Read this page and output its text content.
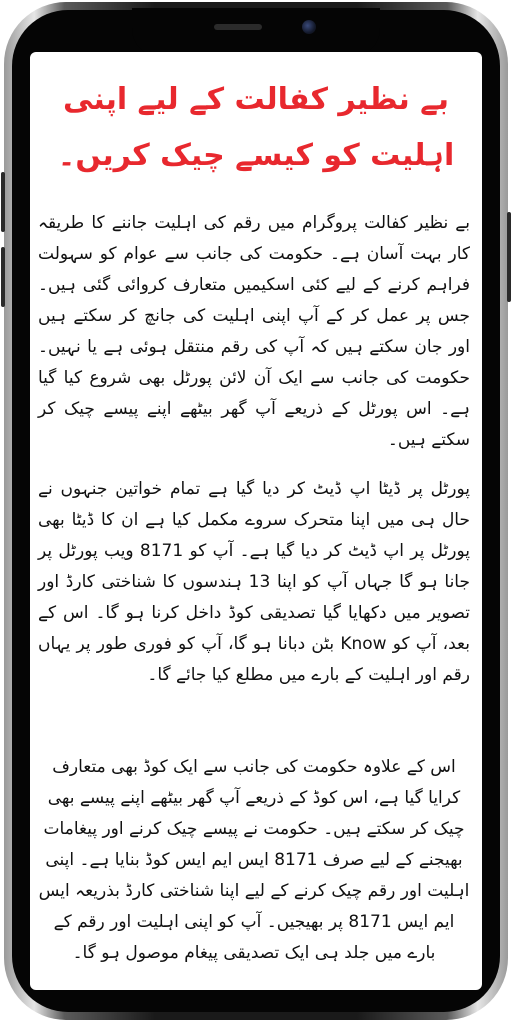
بے نظیر کفالت کے لیے اپنی اہلیت کو کیسے چیک کریں۔

بے نظیر کفالت پروگرام میں رقم کی اہلیت جاننے کا طریقہ کار بہت آسان ہے۔ حکومت کی جانب سے عوام کو سہولت فراہم کرنے کے لیے کئی اسکیمیں متعارف کروائی گئی ہیں۔ جس پر عمل کر کے آپ اپنی اہلیت کی جانچ کر سکتے ہیں اور جان سکتے ہیں کہ آپ کی رقم منتقل ہوئی ہے یا نہیں۔ حکومت کی جانب سے ایک آن لائن پورٹل بھی شروع کیا گیا ہے۔ اس پورٹل کے ذریعے آپ گھر بیٹھے اپنے پیسے چیک کر سکتے ہیں۔

پورٹل پر ڈیٹا اپ ڈیٹ کر دیا گیا ہے تمام خواتین جنہوں نے حال ہی میں اپنا متحرک سروے مکمل کیا ہے ان کا ڈیٹا بھی پورٹل پر اپ ڈیٹ کر دیا گیا ہے۔ آپ کو 8171 ویب پورٹل پر جانا ہو گا جہاں آپ کو اپنا 13 ہندسوں کا شناختی کارڈ اور تصویر میں دکھایا گیا تصدیقی کوڈ داخل کرنا ہو گا۔ اس کے بعد، آپ کو Know بٹن دبانا ہو گا، آپ کو فوری طور پر یہاں رقم اور اہلیت کے بارے میں مطلع کیا جائے گا۔

اس کے علاوہ حکومت کی جانب سے ایک کوڈ بھی متعارف کرایا گیا ہے، اس کوڈ کے ذریعے آپ گھر بیٹھے اپنے پیسے بھی چیک کر سکتے ہیں۔ حکومت نے پیسے چیک کرنے اور پیغامات بھیجنے کے لیے صرف 8171 ایس ایم ایس کوڈ بنایا ہے۔ اپنی اہلیت اور رقم چیک کرنے کے لیے اپنا شناختی کارڈ بذریعہ ایس ایم ایس 8171 پر بھیجیں۔ آپ کو اپنی اہلیت اور رقم کے بارے میں جلد ہی ایک تصدیقی پیغام موصول ہو گا۔
